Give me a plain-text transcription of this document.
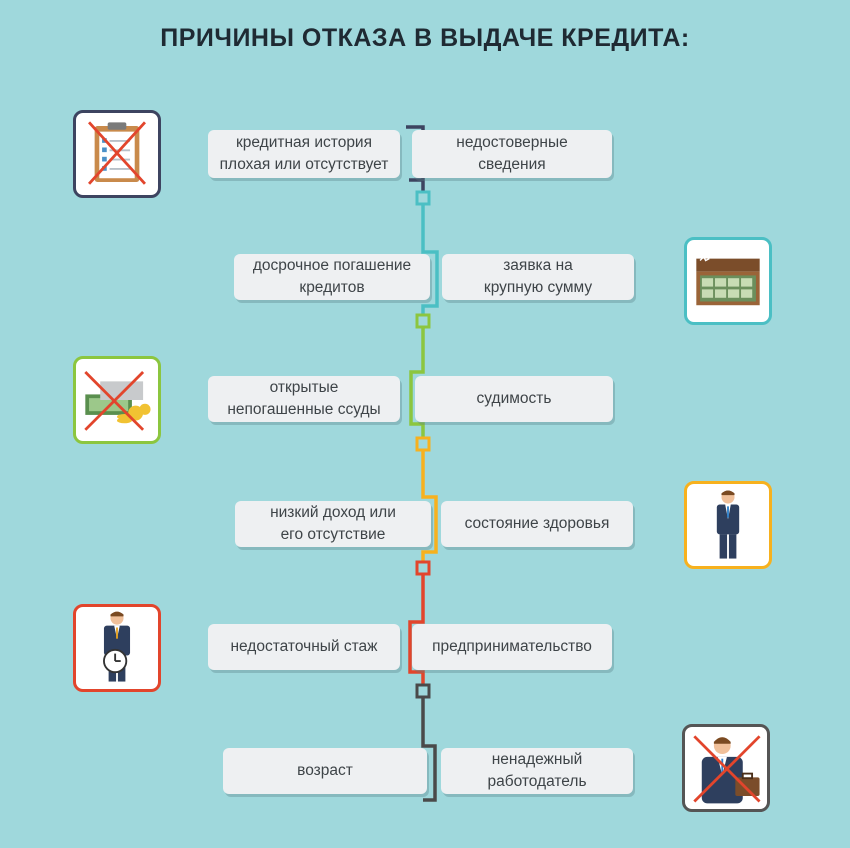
ПРИЧИНЫ ОТКАЗА В ВЫДАЧЕ КРЕДИТА:
кредитная история
плохая или отсутствует
недостоверные
сведения
досрочное погашение
кредитов
заявка на
крупную сумму
открытые
непогашенные ссуды
судимость
низкий доход или
его отсутствие
состояние здоровья
недостаточный стаж	предпринимательство
возраст
ненадежный
работодатель
